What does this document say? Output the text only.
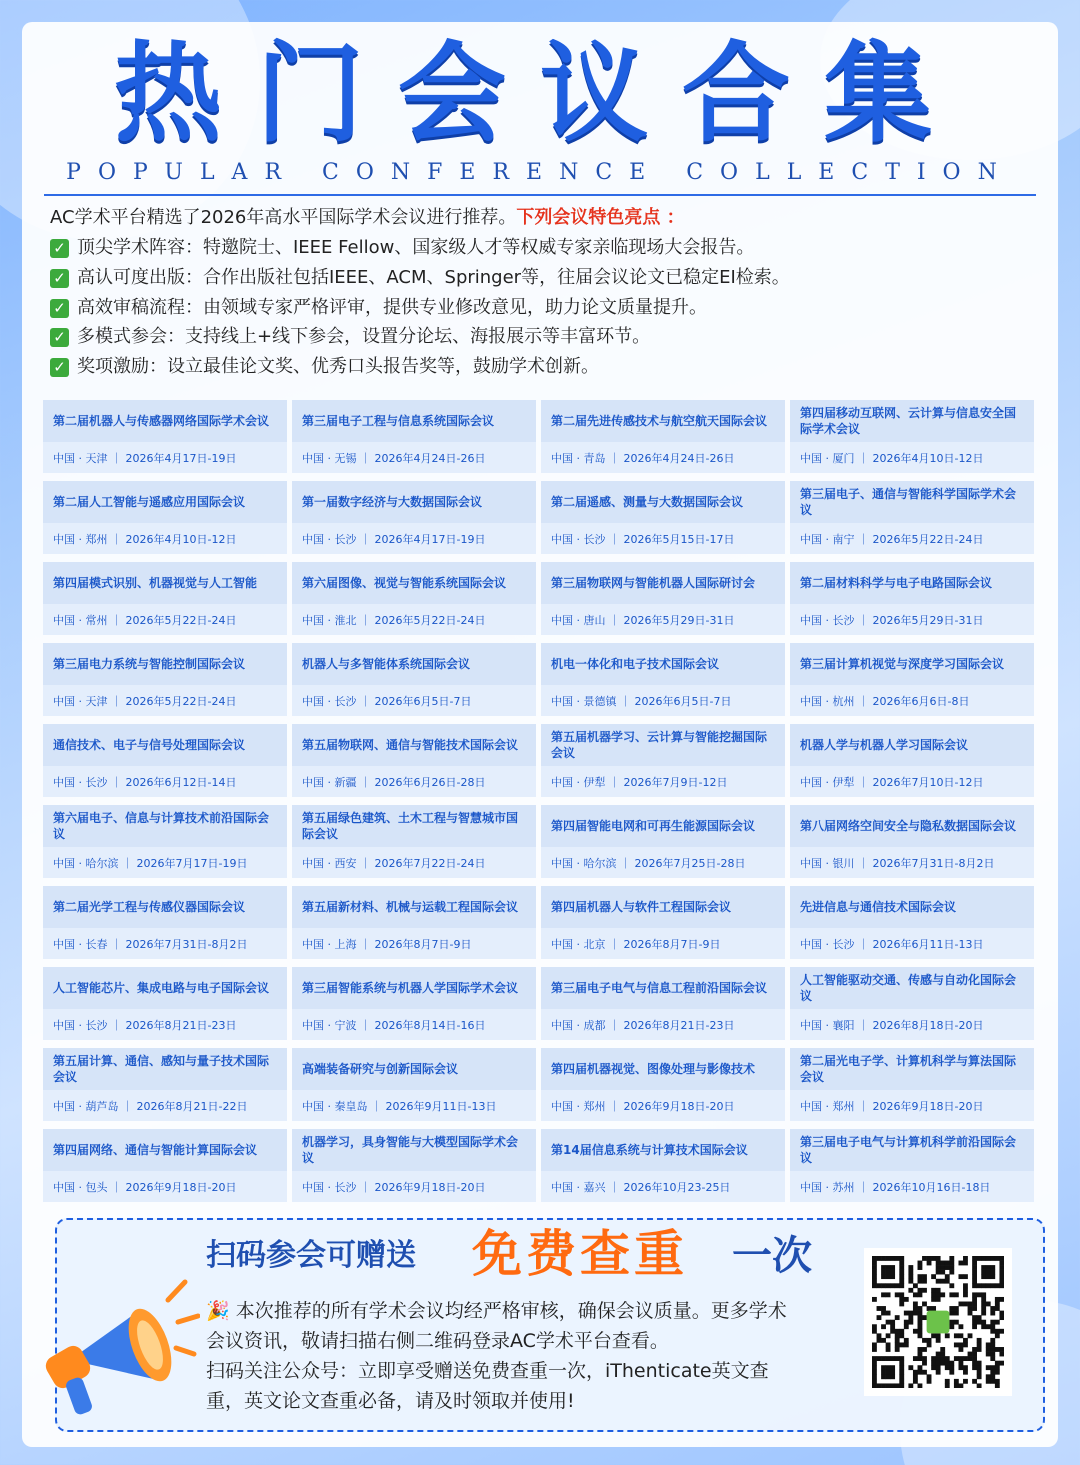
热门会议合集
POPULAR CONFERENCE COLLECTION
AC学术平台精选了2026年高水平国际学术会议进行推荐。下列会议特色亮点 ：
✓ 顶尖学术阵容：特邀院士、IEEE Fellow、国家级人才等权威专家亲临现场大会报告。
✓ 高认可度出版：合作出版社包括IEEE、ACM、Springer等，往届会议论文已稳定EI检索。
✓ 高效审稿流程：由领域专家严格评审，提供专业修改意见，助力论文质量提升。
✓ 多模式参会：支持线上+线下参会，设置分论坛、海报展示等丰富环节。
✓ 奖项激励：设立最佳论文奖、优秀口头报告奖等，鼓励学术创新。
第二届机器人与传感器网络国际学术会议
中国 · 天津 ｜ 2026年4月17日-19日
第三届电子工程与信息系统国际会议
中国 · 无锡 ｜ 2026年4月24日-26日
第二届先进传感技术与航空航天国际会议
中国 · 青岛 ｜ 2026年4月24日-26日
第四届移动互联网、云计算与信息安全国际学术会议
中国 · 厦门 ｜ 2026年4月10日-12日
第二届人工智能与遥感应用国际会议
中国 · 郑州 ｜ 2026年4月10日-12日
第一届数字经济与大数据国际会议
中国 · 长沙 ｜ 2026年4月17日-19日
第二届遥感、测量与大数据国际会议
中国 · 长沙 ｜ 2026年5月15日-17日
第三届电子、通信与智能科学国际学术会议
中国 · 南宁 ｜ 2026年5月22日-24日
第四届模式识别、机器视觉与人工智能
中国 · 常州 ｜ 2026年5月22日-24日
第六届图像、视觉与智能系统国际会议
中国 · 淮北 ｜ 2026年5月22日-24日
第三届物联网与智能机器人国际研讨会
中国 · 唐山 ｜ 2026年5月29日-31日
第二届材料科学与电子电路国际会议
中国 · 长沙 ｜ 2026年5月29日-31日
第三届电力系统与智能控制国际会议
中国 · 天津 ｜ 2026年5月22日-24日
机器人与多智能体系统国际会议
中国 · 长沙 ｜ 2026年6月5日-7日
机电一体化和电子技术国际会议
中国 · 景德镇 ｜ 2026年6月5日-7日
第三届计算机视觉与深度学习国际会议
中国 · 杭州 ｜ 2026年6月6日-8日
通信技术、电子与信号处理国际会议
中国 · 长沙 ｜ 2026年6月12日-14日
第五届物联网、通信与智能技术国际会议
中国 · 新疆 ｜ 2026年6月26日-28日
第五届机器学习、云计算与智能挖掘国际会议
中国 · 伊犁 ｜ 2026年7月9日-12日
机器人学与机器人学习国际会议
中国 · 伊犁 ｜ 2026年7月10日-12日
第六届电子、信息与计算技术前沿国际会议
中国 · 哈尔滨 ｜ 2026年7月17日-19日
第五届绿色建筑、土木工程与智慧城市国际会议
中国 · 西安 ｜ 2026年7月22日-24日
第四届智能电网和可再生能源国际会议
中国 · 哈尔滨 ｜ 2026年7月25日-28日
第八届网络空间安全与隐私数据国际会议
中国 · 银川 ｜ 2026年7月31日-8月2日
第二届光学工程与传感仪器国际会议
中国 · 长春 ｜ 2026年7月31日-8月2日
第五届新材料、机械与运载工程国际会议
中国 · 上海 ｜ 2026年8月7日-9日
第四届机器人与软件工程国际会议
中国 · 北京 ｜ 2026年8月7日-9日
先进信息与通信技术国际会议
中国 · 长沙 ｜ 2026年6月11日-13日
人工智能芯片、集成电路与电子国际会议
中国 · 长沙 ｜ 2026年8月21日-23日
第三届智能系统与机器人学国际学术会议
中国 · 宁波 ｜ 2026年8月14日-16日
第三届电子电气与信息工程前沿国际会议
中国 · 成都 ｜ 2026年8月21日-23日
人工智能驱动交通、传感与自动化国际会议
中国 · 襄阳 ｜ 2026年8月18日-20日
第五届计算、通信、感知与量子技术国际会议
中国 · 葫芦岛 ｜ 2026年8月21日-22日
高端装备研究与创新国际会议
中国 · 秦皇岛 ｜ 2026年9月11日-13日
第四届机器视觉、图像处理与影像技术
中国 · 郑州 ｜ 2026年9月18日-20日
第二届光电子学、计算机科学与算法国际会议
中国 · 郑州 ｜ 2026年9月18日-20日
第四届网络、通信与智能计算国际会议
中国 · 包头 ｜ 2026年9月18日-20日
机器学习，具身智能与大模型国际学术会议
中国 · 长沙 ｜ 2026年9月18日-20日
第14届信息系统与计算技术国际会议
中国 · 嘉兴 ｜ 2026年10月23-25日
第三届电子电气与计算机科学前沿国际会议
中国 · 苏州 ｜ 2026年10月16日-18日
扫码参会可赠送 免费查重 一次
🎉 本次推荐的所有学术会议均经严格审核，确保会议质量。更多学术
会议资讯，敬请扫描右侧二维码登录AC学术平台查看。
扫码关注公众号：立即享受赠送免费查重一次，iThenticate英文查
重，英文论文查重必备，请及时领取并使用!
